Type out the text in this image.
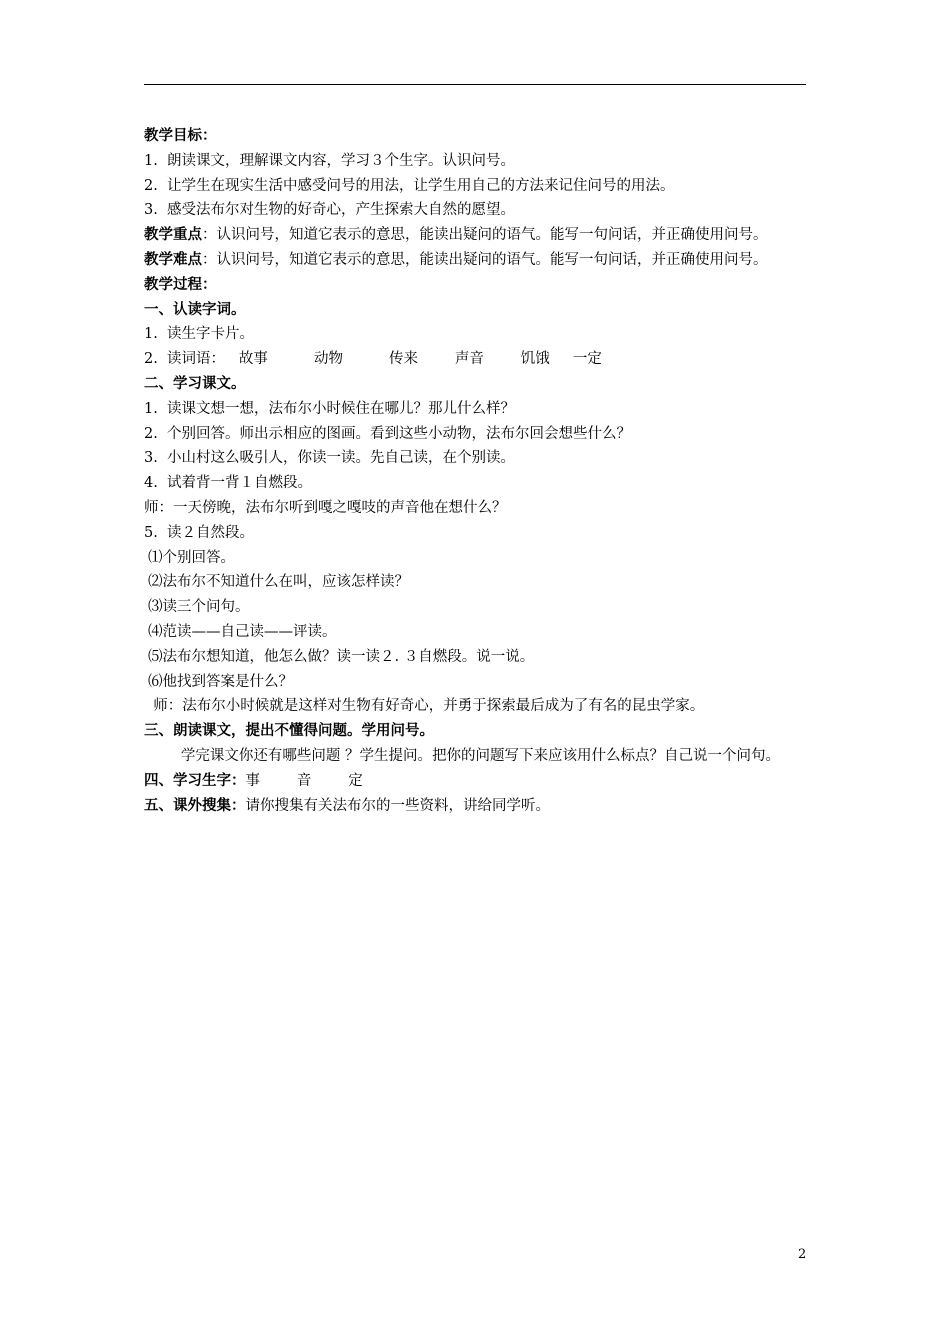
教学目标：
1.  朗读课文，理解课文内容，学习３个生字。认识问号。
2.  让学生在现实生活中感受问号的用法，让学生用自己的方法来记住问号的用法。
3.  感受法布尔对生物的好奇心，产生探索大自然的愿望。
教学重点：认识问号，知道它表示的意思，能读出疑问的语气。能写一句问话，并正确使用问号。
教学难点：认识问号，知道它表示的意思，能读出疑问的语气。能写一句问话，并正确使用问号。
教学过程：
一、认读字词。
1.  读生字卡片。
2.  读词语：   故事          动物          传来        声音        饥饿     一定
二、学习课文。
1.  读课文想一想，法布尔小时候住在哪儿？那儿什么样？
2.  个别回答。师出示相应的图画。看到这些小动物，法布尔回会想些什么？
3.  小山村这么吸引人，你读一读。先自己读，在个别读。
4.  试着背一背１自燃段。
师：一天傍晚，法布尔听到嘎之嘎吱的声音他在想什么？
5.  读２自然段。
⑴个别回答。
⑵法布尔不知道什么在叫，应该怎样读？
⑶读三个问句。
⑷范读——自己读——评读。
⑸法布尔想知道，他怎么做？读一读２. ３自燃段。说一说。
⑹他找到答案是什么？
师：法布尔小时候就是这样对生物有好奇心，并勇于探索最后成为了有名的昆虫学家。
三、朗读课文，提出不懂得问题。学用问号。
学完课文你还有哪些问题 ？学生提问。把你的问题写下来应该用什么标点？自己说一个问句。
四、学习生字：事        音        定
五、课外搜集：请你搜集有关法布尔的一些资料，讲给同学听。
2
